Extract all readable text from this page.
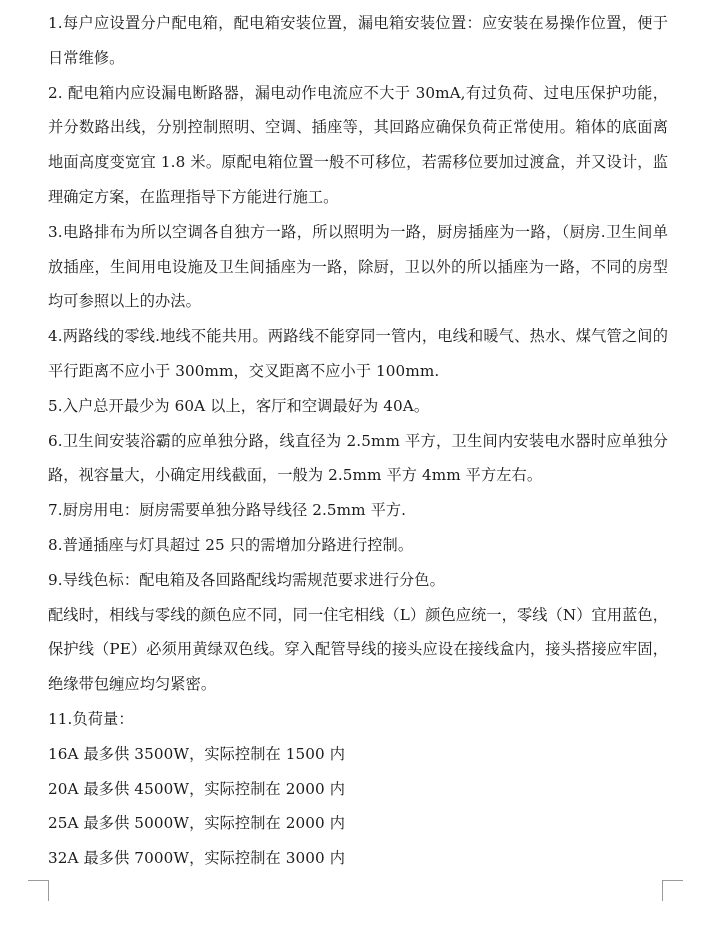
1.每户应设置分户配电箱，配电箱安装位置，漏电箱安装位置：应安装在易操作位置，便于日常维修。

2. 配电箱内应设漏电断路器，漏电动作电流应不大于 30mA,有过负荷、过电压保护功能，并分数路出线，分别控制照明、空调、插座等，其回路应确保负荷正常使用。箱体的底面离地面高度变宽宜 1.8 米。原配电箱位置一般不可移位，若需移位要加过渡盒，并又设计，监理确定方案，在监理指导下方能进行施工。

3.电路排布为所以空调各自独方一路，所以照明为一路，厨房插座为一路，（厨房.卫生间单放插座，生间用电设施及卫生间插座为一路，除厨，卫以外的所以插座为一路，不同的房型均可参照以上的办法。

4.两路线的零线.地线不能共用。两路线不能穿同一管内，电线和暖气、热水、煤气管之间的平行距离不应小于 300mm，交叉距离不应小于 100mm.

5.入户总开最少为 60A 以上，客厅和空调最好为 40A。

6.卫生间安装浴霸的应单独分路，线直径为 2.5mm 平方，卫生间内安装电水器时应单独分路，视容量大，小确定用线截面，一般为 2.5mm 平方 4mm 平方左右。

7.厨房用电：厨房需要单独分路导线径 2.5mm 平方.

8.普通插座与灯具超过 25 只的需增加分路进行控制。

9.导线色标：配电箱及各回路配线均需规范要求进行分色。

配线时，相线与零线的颜色应不同，同一住宅相线（L）颜色应统一，零线（N）宜用蓝色，保护线（PE）必须用黄绿双色线。穿入配管导线的接头应设在接线盒内，接头搭接应牢固，绝缘带包缠应均匀紧密。

11.负荷量：

16A 最多供 3500W，实际控制在 1500 内

20A 最多供 4500W，实际控制在 2000 内

25A 最多供 5000W，实际控制在 2000 内

32A 最多供 7000W，实际控制在 3000 内
